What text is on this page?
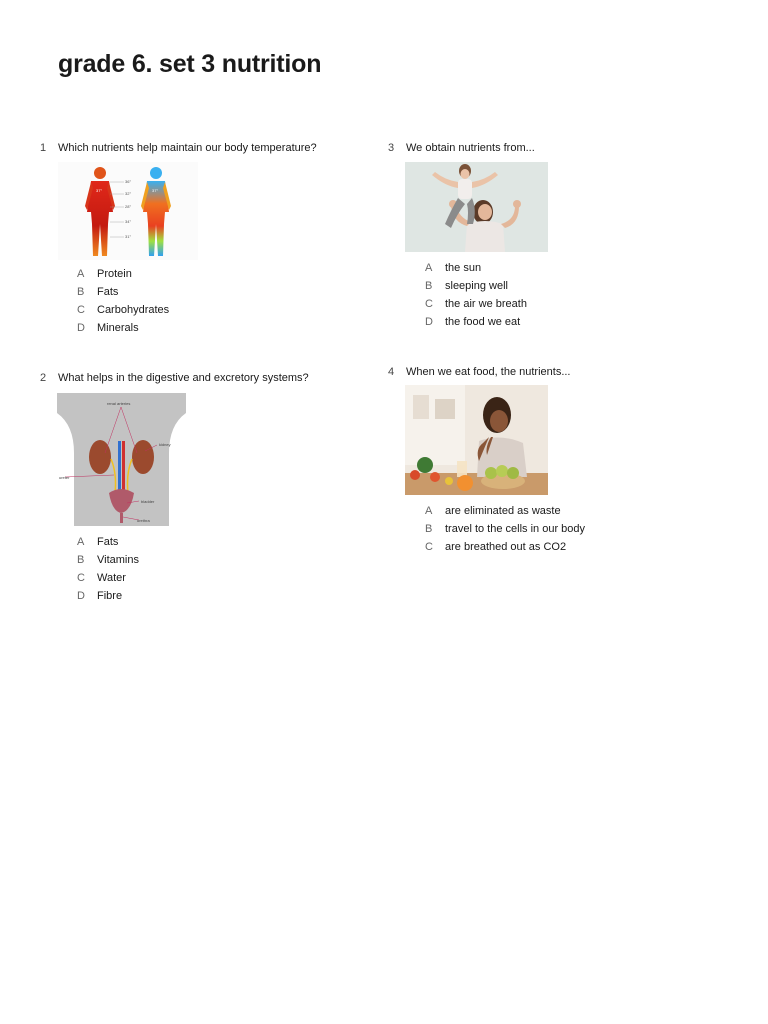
grade 6. set 3 nutrition
1	Which nutrients help maintain our body temperature?
37°	37°
36°
32°
28°
34°
31°
A	Protein
B	Fats
C	Carbohydrates
D	Minerals
2	What helps in the digestive and excretory systems?
renal arteries
kidney
ureter
bladder
urethra
A	Fats
B	Vitamins
C	Water
D	Fibre
3	We obtain nutrients from...
A	the sun
B	sleeping well
C	the air we breath
D	the food we eat
4	When we eat food, the nutrients...
A	are eliminated as waste
B	travel to the cells in our body
C	are breathed out as CO2
